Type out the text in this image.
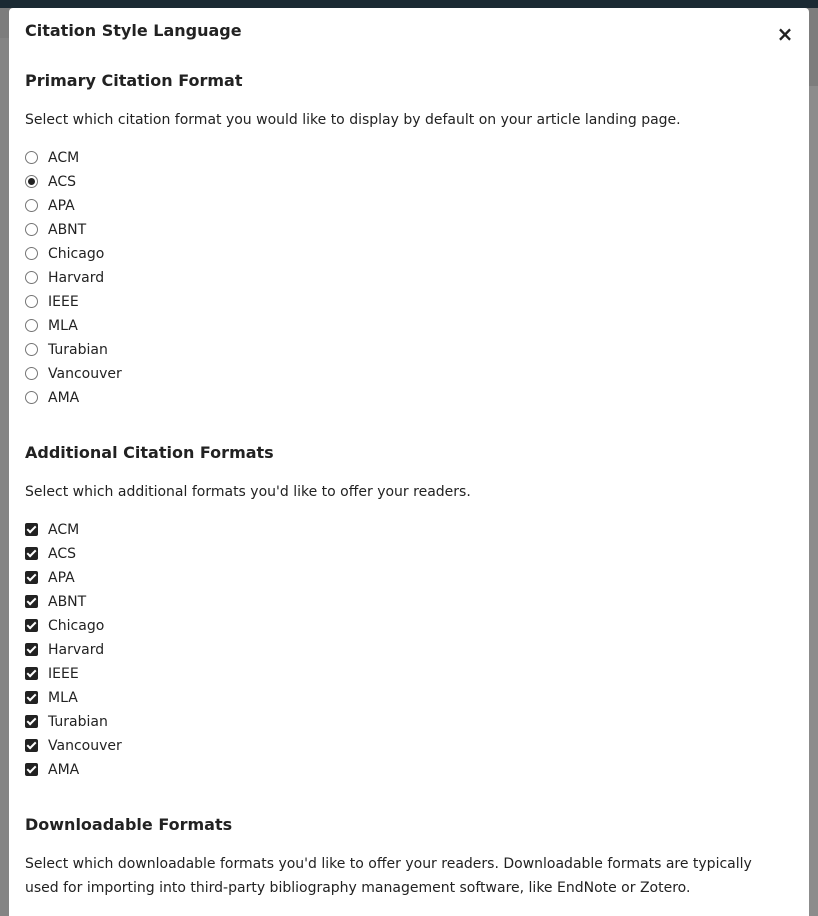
Citation Style Language	×
Primary Citation Format

Select which citation format you would like to display by default on your article landing page.

ACM
ACS
APA
ABNT
Chicago
Harvard
IEEE
MLA
Turabian
Vancouver
AMA
Additional Citation Formats

Select which additional formats you'd like to offer your readers.

ACM
ACS
APA
ABNT
Chicago
Harvard
IEEE
MLA
Turabian
Vancouver
AMA
Downloadable Formats

Select which downloadable formats you'd like to offer your readers. Downloadable formats are typically used for importing into third-party bibliography management software, like EndNote or Zotero.
